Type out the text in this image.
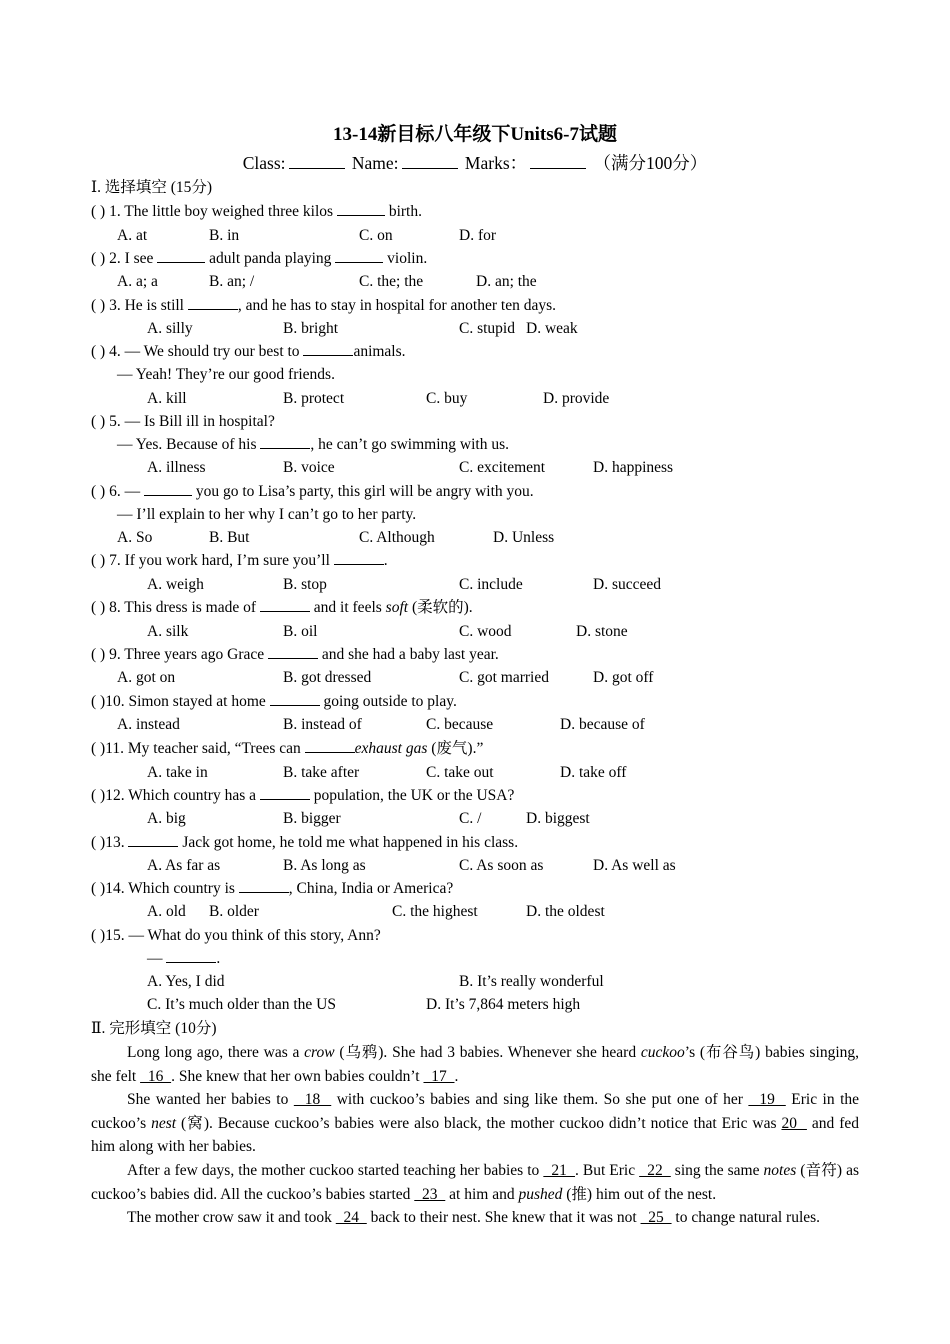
13-14新目标八年级下Units6-7试题
Class:	Name:	Marks：	（满分100分）
Ⅰ. 选择填空 (15分)
( ) 1. The little boy weighed three kilos	birth.
A. at	B. in	C. on	D. for
( ) 2. I see	adult panda playing	violin.
A. a; a	B. an; /	C. the; the	D. an; the
( ) 3. He is still	, and he has to stay in hospital for another ten days.
A. silly	B. bright	C. stupid D. weak
( ) 4. — We should try our best to	animals.
— Yeah! They’re our good friends.
A. kill	B. protect	C. buy	D. provide
( ) 5. — Is Bill ill in hospital?
— Yes. Because of his	, he can’t go swimming with us.
A. illness	B. voice	C. excitement	D. happiness
( ) 6. —	you go to Lisa’s party, this girl will be angry with you.
— I’ll explain to her why I can’t go to her party.
A. So	B. But	C. Although	D. Unless
( ) 7. If you work hard, I’m sure you’ll	.
A. weigh	B. stop	C. include	D. succeed
( ) 8. This dress is made of	and it feels soft (柔软的).
A. silk	B. oil	C. wood	D. stone
( ) 9. Three years ago Grace	and she had a baby last year.
A. got on	B. got dressed	C. got married	D. got off
( )10. Simon stayed at home	going outside to play.
A. instead	B. instead of	C. because	D. because of
( )11. My teacher said, “Trees can	exhaust gas (废气).”
A. take in	B. take after	C. take out	D. take off
( )12. Which country has a	population, the UK or the USA?
A. big	B. bigger	C. /	D. biggest
( )13.	Jack got home, he told me what happened in his class.
A. As far as	B. As long as	C. As soon as	D. As well as
( )14. Which country is	, China, India or America?
A. old B. older	C. the highest	D. the oldest
( )15. — What do you think of this story, Ann?
—	.
A. Yes, I did	B. It’s really wonderful
C. It’s much older than the US	D. It’s 7,864 meters high
Ⅱ. 完形填空 (10分)
Long long ago, there was a crow (乌鸦). She had 3 babies. Whenever she heard cuckoo’s (布谷鸟) babies singing, she felt   16  . She knew that her own babies couldn’t   17  .
She wanted her babies to   18   with cuckoo’s babies and sing like them. So she put one of her   19   Eric in the cuckoo’s nest (窝). Because cuckoo’s babies were also black, the mother cuckoo didn’t notice that Eric was 20   and fed him along with her babies.
After a few days, the mother cuckoo started teaching her babies to   21  . But Eric   22   sing the same notes (音符) as cuckoo’s babies did. All the cuckoo’s babies started   23   at him and pushed (推) him out of the nest.
The mother crow saw it and took   24   back to their nest. She knew that it was not   25   to change natural rules.
